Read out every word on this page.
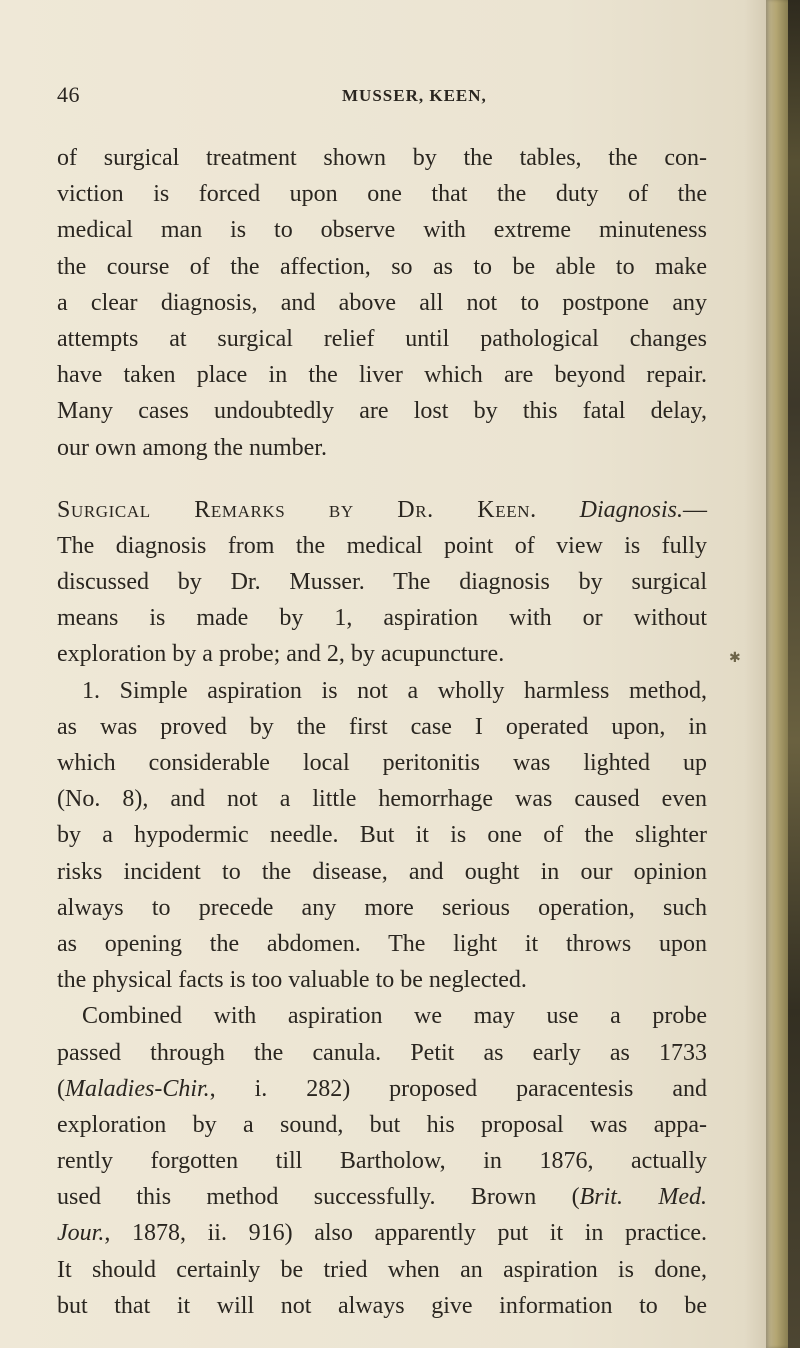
46	MUSSER, KEEN,
of surgical treatment shown by the tables, the con-
viction is forced upon one that the duty of the
medical man is to observe with extreme minuteness
the course of the affection, so as to be able to make
a clear diagnosis, and above all not to postpone any
attempts at surgical relief until pathological changes
have taken place in the liver which are beyond repair.
Many cases undoubtedly are lost by this fatal delay,
our own among the number.
Surgical Remarks by Dr. Keen. Diagnosis.—
The diagnosis from the medical point of view is fully
discussed by Dr. Musser. The diagnosis by surgical
means is made by 1, aspiration with or without
exploration by a probe; and 2, by acupuncture.
1. Simple aspiration is not a wholly harmless method,
as was proved by the first case I operated upon, in
which considerable local peritonitis was lighted up
(No. 8), and not a little hemorrhage was caused even
by a hypodermic needle. But it is one of the slighter
risks incident to the disease, and ought in our opinion
always to precede any more serious operation, such
as opening the abdomen. The light it throws upon
the physical facts is too valuable to be neglected.
Combined with aspiration we may use a probe
passed through the canula. Petit as early as 1733
(Maladies-Chir., i. 282) proposed paracentesis and
exploration by a sound, but his proposal was appa-
rently forgotten till Bartholow, in 1876, actually
used this method successfully. Brown (Brit. Med.
Jour., 1878, ii. 916) also apparently put it in practice.
It should certainly be tried when an aspiration is done,
but that it will not always give information to be
✱
